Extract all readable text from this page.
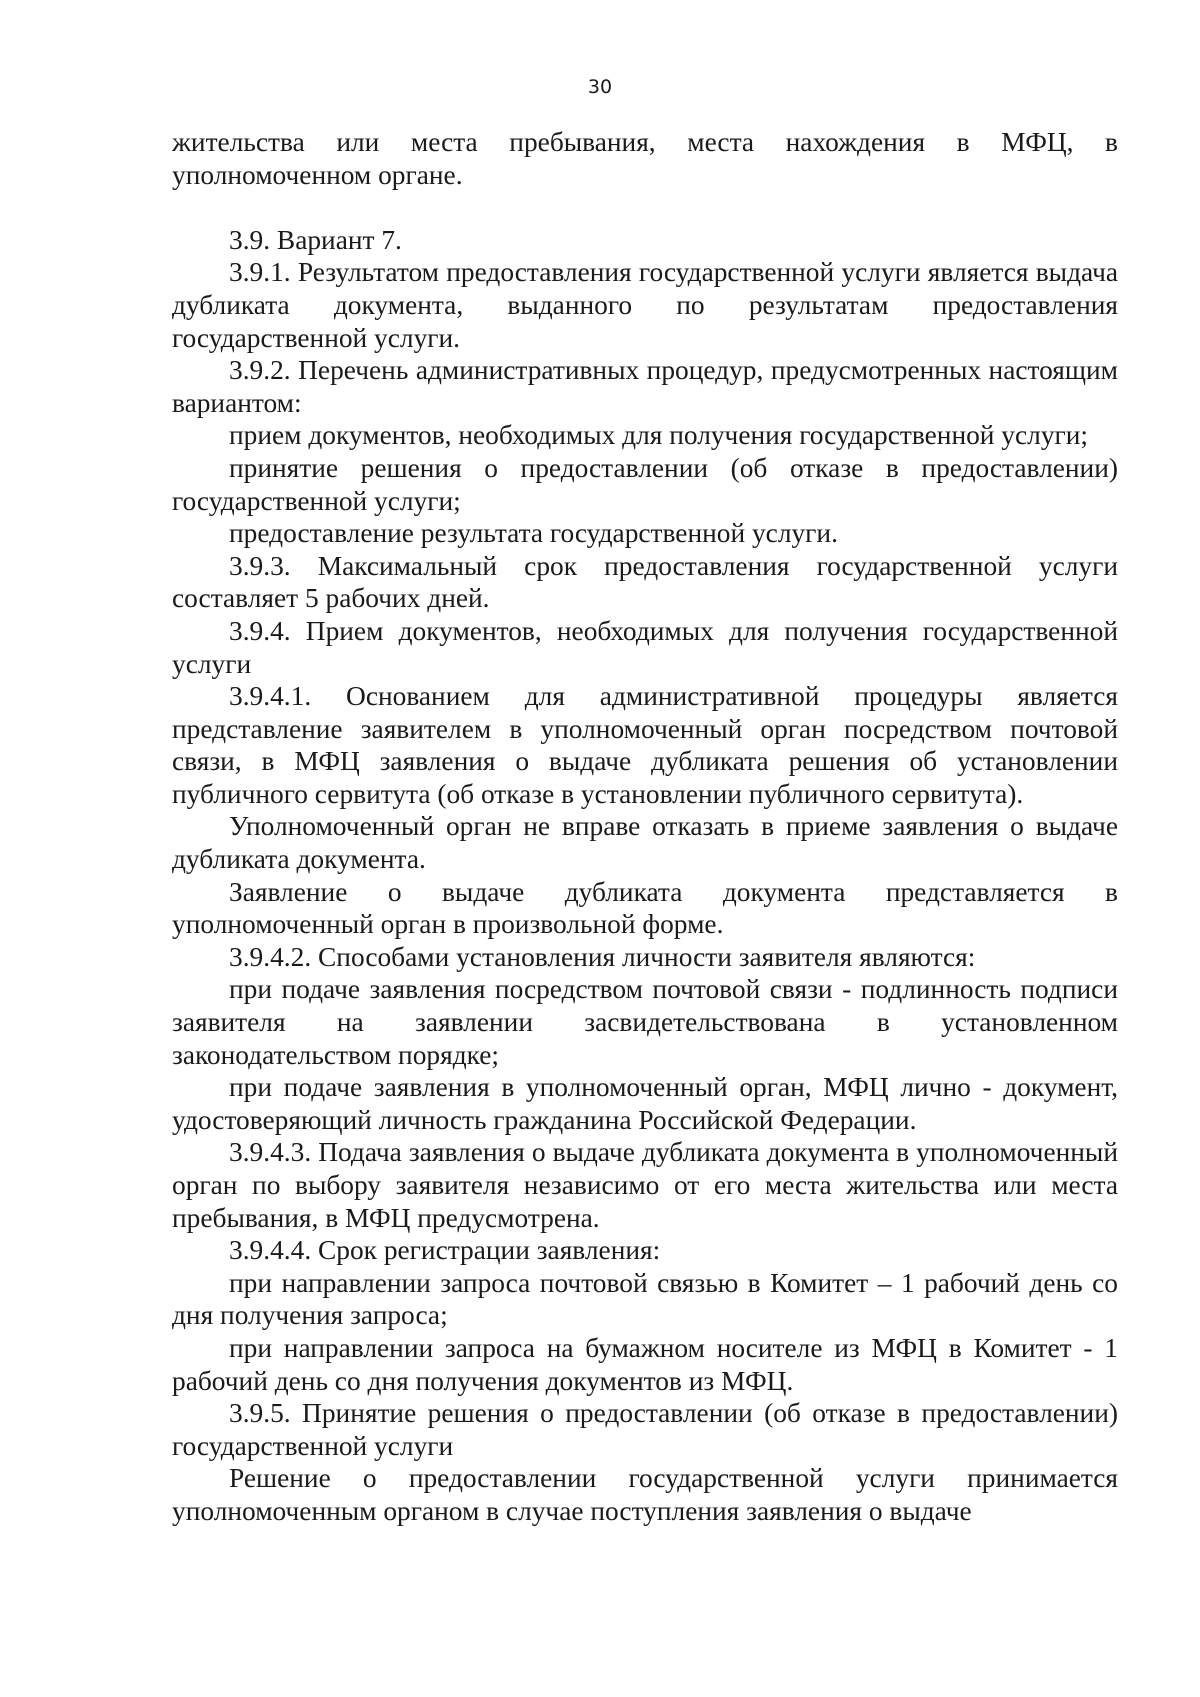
30

жительства или места пребывания, места нахождения в МФЦ, в уполномоченном органе.

3.9. Вариант 7.

3.9.1. Результатом предоставления государственной услуги является выдача дубликата документа, выданного по результатам предоставления государственной услуги.

3.9.2. Перечень административных процедур, предусмотренных настоящим вариантом:

прием документов, необходимых для получения государственной услуги;

принятие решения о предоставлении (об отказе в предоставлении) государственной услуги;

предоставление результата государственной услуги.

3.9.3. Максимальный срок предоставления государственной услуги составляет 5 рабочих дней.

3.9.4. Прием документов, необходимых для получения государственной услуги

3.9.4.1. Основанием для административной процедуры является представление заявителем в уполномоченный орган посредством почтовой связи, в МФЦ заявления о выдаче дубликата решения об установлении публичного сервитута (об отказе в установлении публичного сервитута).

Уполномоченный орган не вправе отказать в приеме заявления о выдаче дубликата документа.

Заявление о выдаче дубликата документа представляется в уполномоченный орган в произвольной форме.

3.9.4.2. Способами установления личности заявителя являются:

при подаче заявления посредством почтовой связи - подлинность подписи заявителя на заявлении засвидетельствована в установленном законодательством порядке;

при подаче заявления в уполномоченный орган, МФЦ лично - документ, удостоверяющий личность гражданина Российской Федерации.

3.9.4.3. Подача заявления о выдаче дубликата документа в уполномоченный орган по выбору заявителя независимо от его места жительства или места пребывания, в МФЦ предусмотрена.

3.9.4.4. Срок регистрации заявления:

при направлении запроса почтовой связью в Комитет – 1 рабочий день со дня получения запроса;

при направлении запроса на бумажном носителе из МФЦ в Комитет - 1 рабочий день со дня получения документов из МФЦ.

3.9.5. Принятие решения о предоставлении (об отказе в предоставлении) государственной услуги

Решение о предоставлении государственной услуги принимается уполномоченным органом в случае поступления заявления о выдаче
